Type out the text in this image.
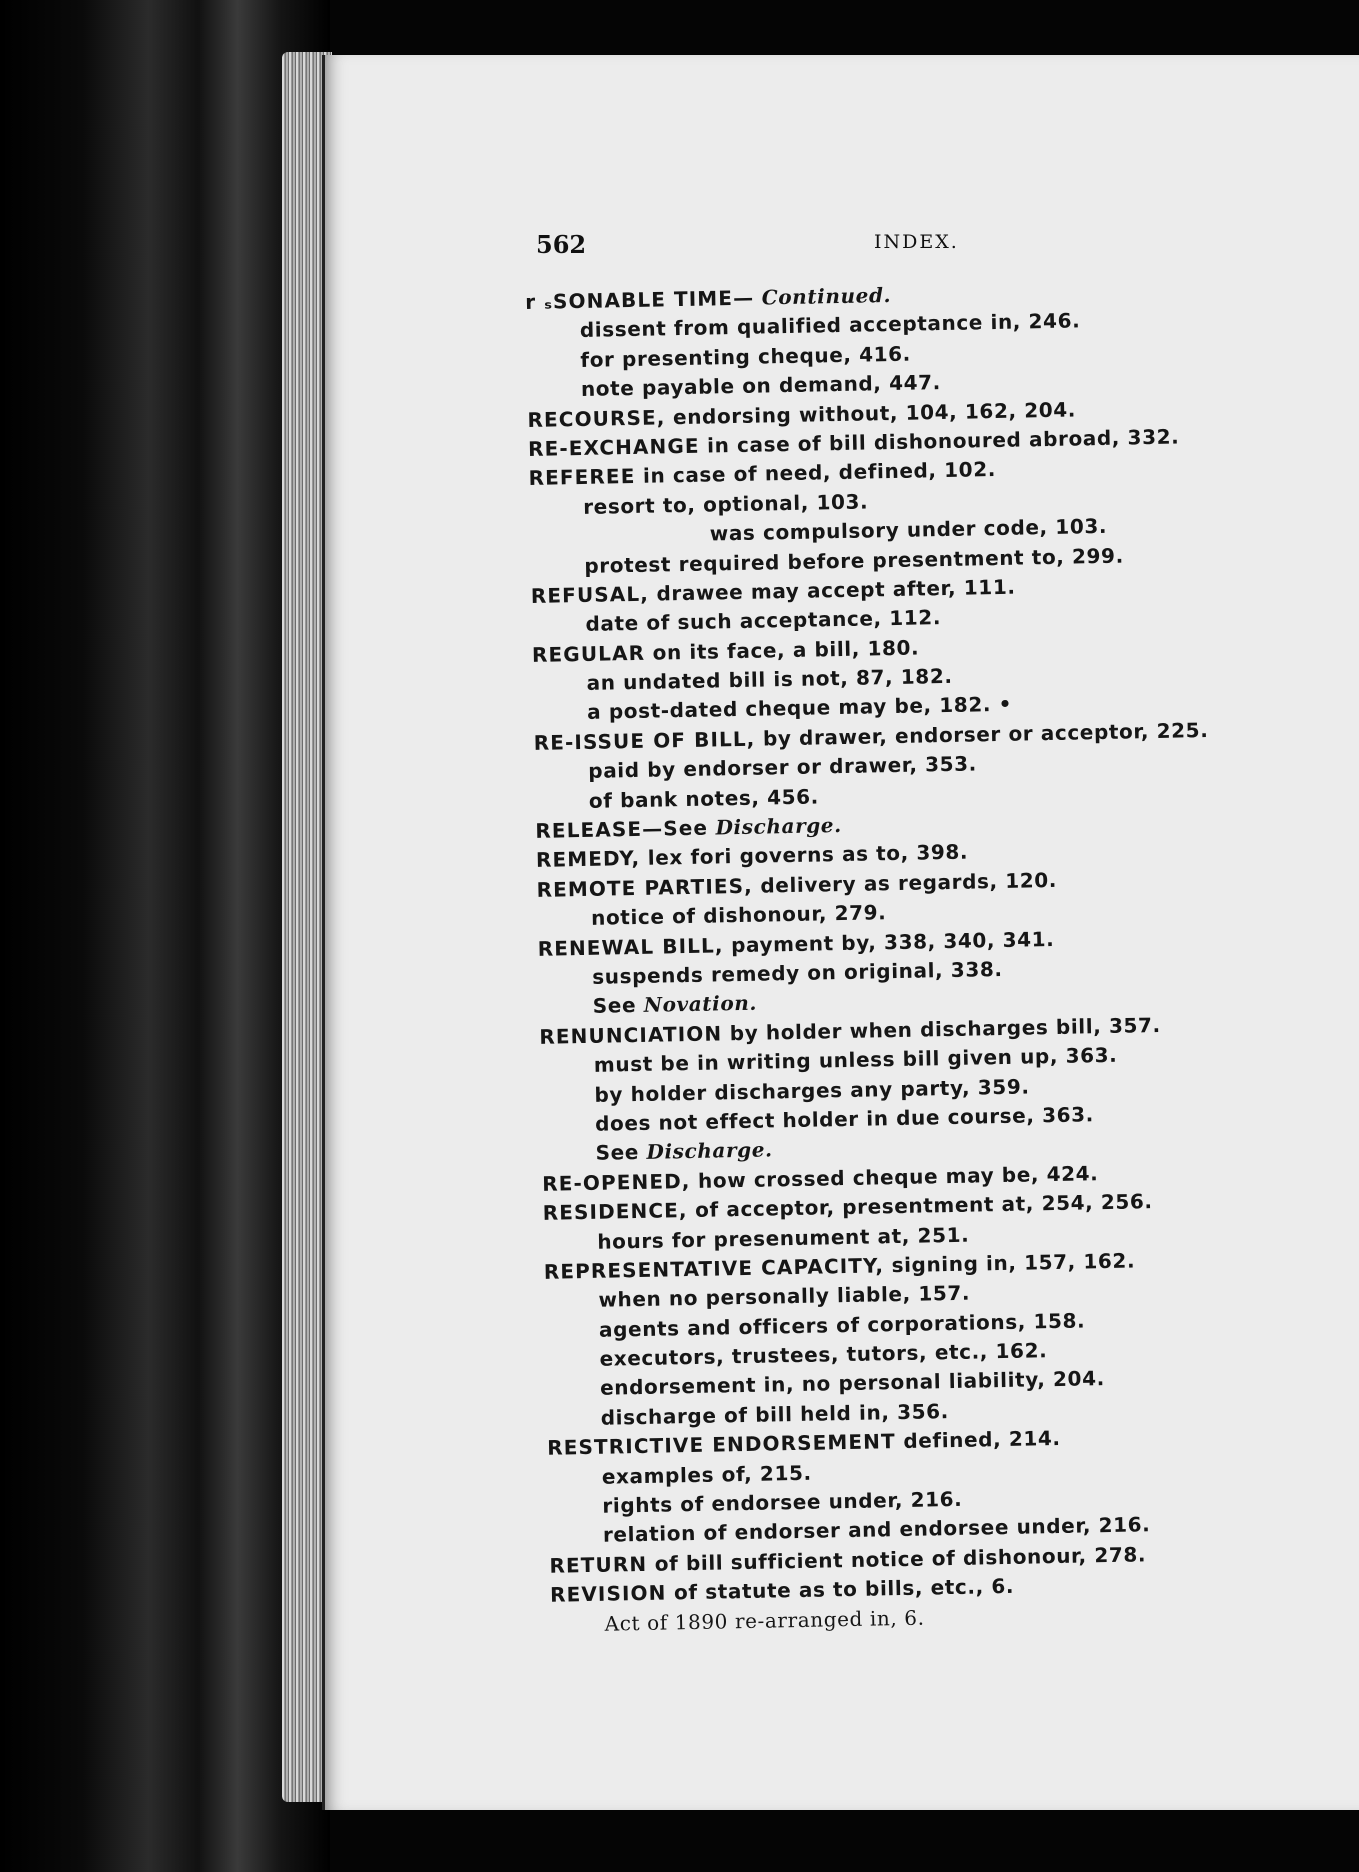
562	INDEX.
r ₛSONABLE TIME— Continued.
dissent from qualified acceptance in, 246.
for presenting cheque, 416.
note payable on demand, 447.
RECOURSE, endorsing without, 104, 162, 204.
RE-EXCHANGE in case of bill dishonoured abroad, 332.
REFEREE in case of need, defined, 102.
resort to, optional, 103.
was compulsory under code, 103.
protest required before presentment to, 299.
REFUSAL, drawee may accept after, 111.
date of such acceptance, 112.
REGULAR on its face, a bill, 180.
an undated bill is not, 87, 182.
a post-dated cheque may be, 182. •
RE-ISSUE OF BILL, by drawer, endorser or acceptor, 225.
paid by endorser or drawer, 353.
of bank notes, 456.
RELEASE—See Discharge.
REMEDY, lex fori governs as to, 398.
REMOTE PARTIES, delivery as regards, 120.
notice of dishonour, 279.
RENEWAL BILL, payment by, 338, 340, 341.
suspends remedy on original, 338.
See Novation.
RENUNCIATION by holder when discharges bill, 357.
must be in writing unless bill given up, 363.
by holder discharges any party, 359.
does not effect holder in due course, 363.
See Discharge.
RE-OPENED, how crossed cheque may be, 424.
RESIDENCE, of acceptor, presentment at, 254, 256.
hours for presenument at, 251.
REPRESENTATIVE CAPACITY, signing in, 157, 162.
when no personally liable, 157.
agents and officers of corporations, 158.
executors, trustees, tutors, etc., 162.
endorsement in, no personal liability, 204.
discharge of bill held in, 356.
RESTRICTIVE ENDORSEMENT defined, 214.
examples of, 215.
rights of endorsee under, 216.
relation of endorser and endorsee under, 216.
RETURN of bill sufficient notice of dishonour, 278.
REVISION of statute as to bills, etc., 6.
Act of 1890 re-arranged in, 6.
